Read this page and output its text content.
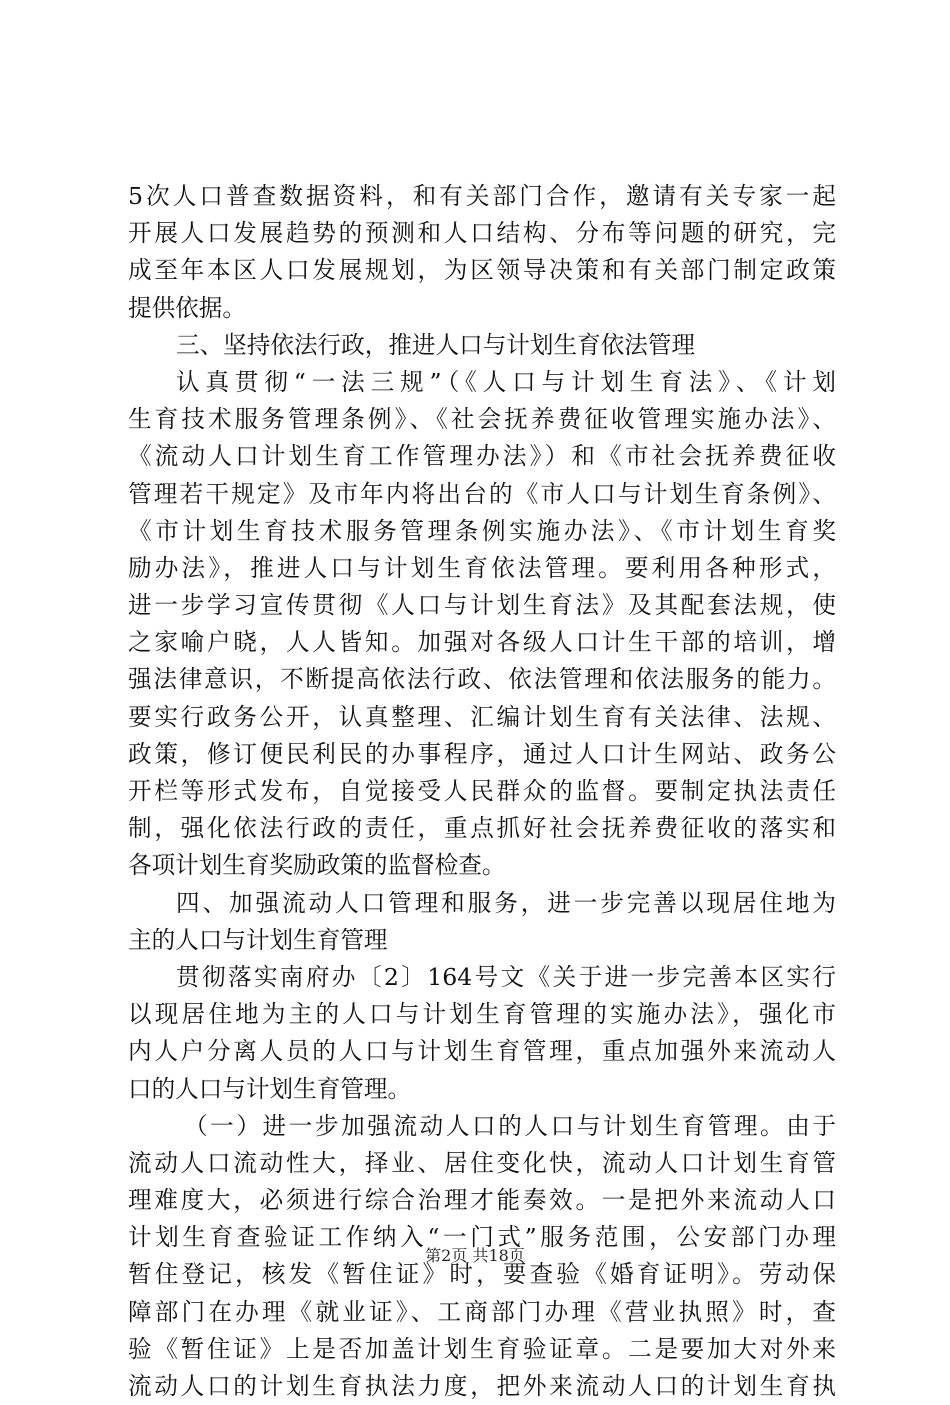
5次人口普查数据资料，和有关部门合作，邀请有关专家一起
开展人口发展趋势的预测和人口结构、分布等问题的研究，完
成至年本区人口发展规划，为区领导决策和有关部门制定政策
提供依据。
三、坚持依法行政，推进人口与计划生育依法管理
认真贯彻“一法三规”（《人口与计划生育法》、《计划
生育技术服务管理条例》、《社会抚养费征收管理实施办法》、
《流动人口计划生育工作管理办法》）和《市社会抚养费征收
管理若干规定》及市年内将出台的《市人口与计划生育条例》、
《市计划生育技术服务管理条例实施办法》、《市计划生育奖
励办法》，推进人口与计划生育依法管理。要利用各种形式，
进一步学习宣传贯彻《人口与计划生育法》及其配套法规，使
之家喻户晓，人人皆知。加强对各级人口计生干部的培训，增
强法律意识，不断提高依法行政、依法管理和依法服务的能力。
要实行政务公开，认真整理、汇编计划生育有关法律、法规、
政策，修订便民利民的办事程序，通过人口计生网站、政务公
开栏等形式发布，自觉接受人民群众的监督。要制定执法责任
制，强化依法行政的责任，重点抓好社会抚养费征收的落实和
各项计划生育奖励政策的监督检查。
四、加强流动人口管理和服务，进一步完善以现居住地为
主的人口与计划生育管理
贯彻落实南府办〔2〕164号文《关于进一步完善本区实行
以现居住地为主的人口与计划生育管理的实施办法》，强化市
内人户分离人员的人口与计划生育管理，重点加强外来流动人
口的人口与计划生育管理。
（一）进一步加强流动人口的人口与计划生育管理。由于
流动人口流动性大，择业、居住变化快，流动人口计划生育管
理难度大，必须进行综合治理才能奏效。一是把外来流动人口
计划生育查验证工作纳入“一门式”服务范围，公安部门办理
暂住登记，核发《暂住证》时，要查验《婚育证明》。劳动保
障部门在办理《就业证》、工商部门办理《营业执照》时，查
验《暂住证》上是否加盖计划生育验证章。二是要加大对外来
流动人口的计划生育执法力度，把外来流动人口的计划生育执
第2页 共18页
